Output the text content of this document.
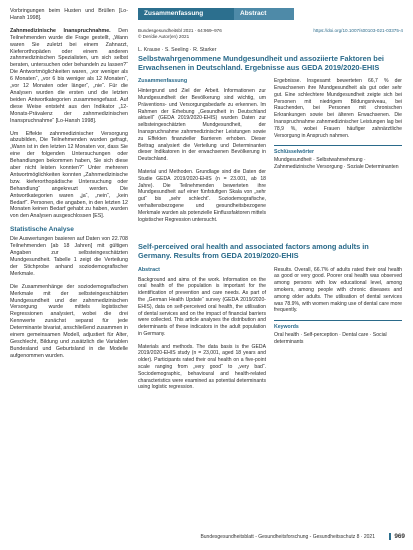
Vorbringungen beim Husten und Brüllen [Lo-Hansh 1998].

Zahnmedizinische Inanspruchnahme. Den Teilnehmenden wurde die Frage gestellt, „Wann waren Sie zuletzt bei einem Zahnarzt, Kieferorthopäden oder einem anderen zahnmedizinischen Spezialisten, um sich selbst beraten, untersuchen oder behandeln zu lassen?“ Die Antwortmöglichkeiten waren, „vor weniger als 6 Monaten“, „vor 6 bis weniger als 12 Monaten“, „vor 12 Monaten oder länger“, „nie“. Für die Analysen wurden die ersten und die letzten beiden Antwortkategorien zusammengefasst. Auf diese Weise entsteht aus den Indikator „12-Monats-Prävalenz der zahnmedizinischen Inanspruchnahme“ [Lo-Hansh 1998].

Um Effekte zahnmedizinischer Versorgung abzubilden, Die Teilnehmenden wurden gefragt, „Wann ist in den letzten 12 Monaten vor, dass Sie eine der folgenden Untersuchungen oder Behandlungen bekommen haben, Sie sich diese aber nicht leisten konnten?“ Unter mehreren Antwortmöglichkeiten konnten „Zahnmedizinische bzw. kieferorthopädische Untersuchung oder Behandlung“ angekreuzt werden. Die Antwortkategorien waren „ja“, „nein“, „kein Bedarf“. Personen, die angaben, in den letzten 12 Monaten keinen Bedarf gehabt zu haben, wurden von den Analysen ausgeschlossen [ES].

Statistische Analyse

Die Auswertungen basieren auf Daten von 22.708 Teilnehmenden [ab 18 Jahren] mit gültigen Angaben zur selbsteingeschätzten Mundgesundheit. Tabelle 1 zeigt die Verteilung der Stichprobe anhand soziodemografischer Merkmale.

Die Zusammenhänge der soziodemografischen Merkmale mit der selbsteingeschätzten Mundgesundheit und der zahnmedizinischen Versorgung wurde mittels logistischer Regressionen analysiert, wobei die drei Kennwerte zunächst separat für jede Determinante bivariat, anschließend zusammen in einem gemeinsamen Modell, adjustiert für Alter, Geschlecht, Bildung und zusätzlich die Variablen Bundesland und Geburtsland in die Modelle aufgenommen wurden.

Zusammenfassung	Abstract
Bundesgesundheitsbl 2021 · 64:969–976	https://doi.org/10.1007/s00103-021-03375-4
© Der/die Autor(en) 2021
L. Krause · S. Seeling · R. Starker
Selbstwahrgenommene Mundgesundheit und assoziierte Faktoren bei Erwachsenen in Deutschland. Ergebnisse aus GEDA 2019/2020-EHIS
Zusammenfassung

Hintergrund und Ziel der Arbeit. Informationen zur Mundgesundheit der Bevölkerung sind wichtig, um Präventions- und Versorgungsbedarfe zu erkennen. Im Rahmen der Erhebung „Gesundheit in Deutschland aktuell“ (GEDA 2019/2020-EHIS) wurden Daten zur selbsteingeschätzten Mundgesundheit, der Inanspruchnahme zahnmedizinischer Leistungen sowie zu Effekten finanzieller Barrieren erhoben. Dieser Beitrag analysiert die Verteilung und Determinanten dieser Indikatoren in der erwachsenen Bevölkerung in Deutschland.

Material und Methoden. Grundlage sind die Daten der Studie GEDA 2019/2020-EHIS (n = 23.001, ab 18 Jahre). Die Teilnehmenden bewerteten ihre Mundgesundheit auf einer fünfstufigen Skala von „sehr gut“ bis „sehr schlecht“. Soziodemografische, verhaltensbezogene und gesundheitsbezogene Merkmale wurden als potenzielle Einflussfaktoren mittels logistischer Regression untersucht.

Ergebnisse. Insgesamt bewerteten 66,7 % der Erwachsenen ihre Mundgesundheit als gut oder sehr gut. Eine schlechtere Mundgesundheit zeigte sich bei Personen mit niedrigem Bildungsniveau, bei Rauchenden, bei Personen mit chronischen Erkrankungen sowie bei älteren Erwachsenen. Die Inanspruchnahme zahnmedizinischer Leistungen lag bei 78,9 %, wobei Frauen häufiger zahnärztliche Versorgung in Anspruch nahmen.

Schlüsselwörter
Mundgesundheit · Selbstwahrnehmung · Zahnmedizinische Versorgung · Soziale Determinanten
Self-perceived oral health and associated factors among adults in Germany. Results from GEDA 2019/2020-EHIS
Abstract

Background and aims of the work. Information on the oral health of the population is important for the identification of prevention and care needs. As part of the „German Health Update“ survey (GEDA 2019/2020-EHIS), data on self-perceived oral health, the utilisation of dental services and on the impact of financial barriers were collected. This article analyses the distribution and determinants of these indicators in the adult population in Germany.

Materials and methods. The data basis is the GEDA 2019/2020-EHIS study (n = 23,001, aged 18 years and older). Participants rated their oral health on a five-point scale ranging from „very good“ to „very bad“. Sociodemographic, behavioural and health-related characteristics were examined as potential determinants using logistic regression.

Results. Overall, 66.7% of adults rated their oral health as good or very good. Poorer oral health was observed among persons with low educational level, among smokers, among people with chronic diseases and among older adults. The utilisation of dental services was 78.9%, with women making use of dental care more frequently.

Keywords
Oral health · Self-perception · Dental care · Social determinants
Bundesgesundheitsblatt - Gesundheitsforschung - Gesundheitsschutz 8 · 2021	969
